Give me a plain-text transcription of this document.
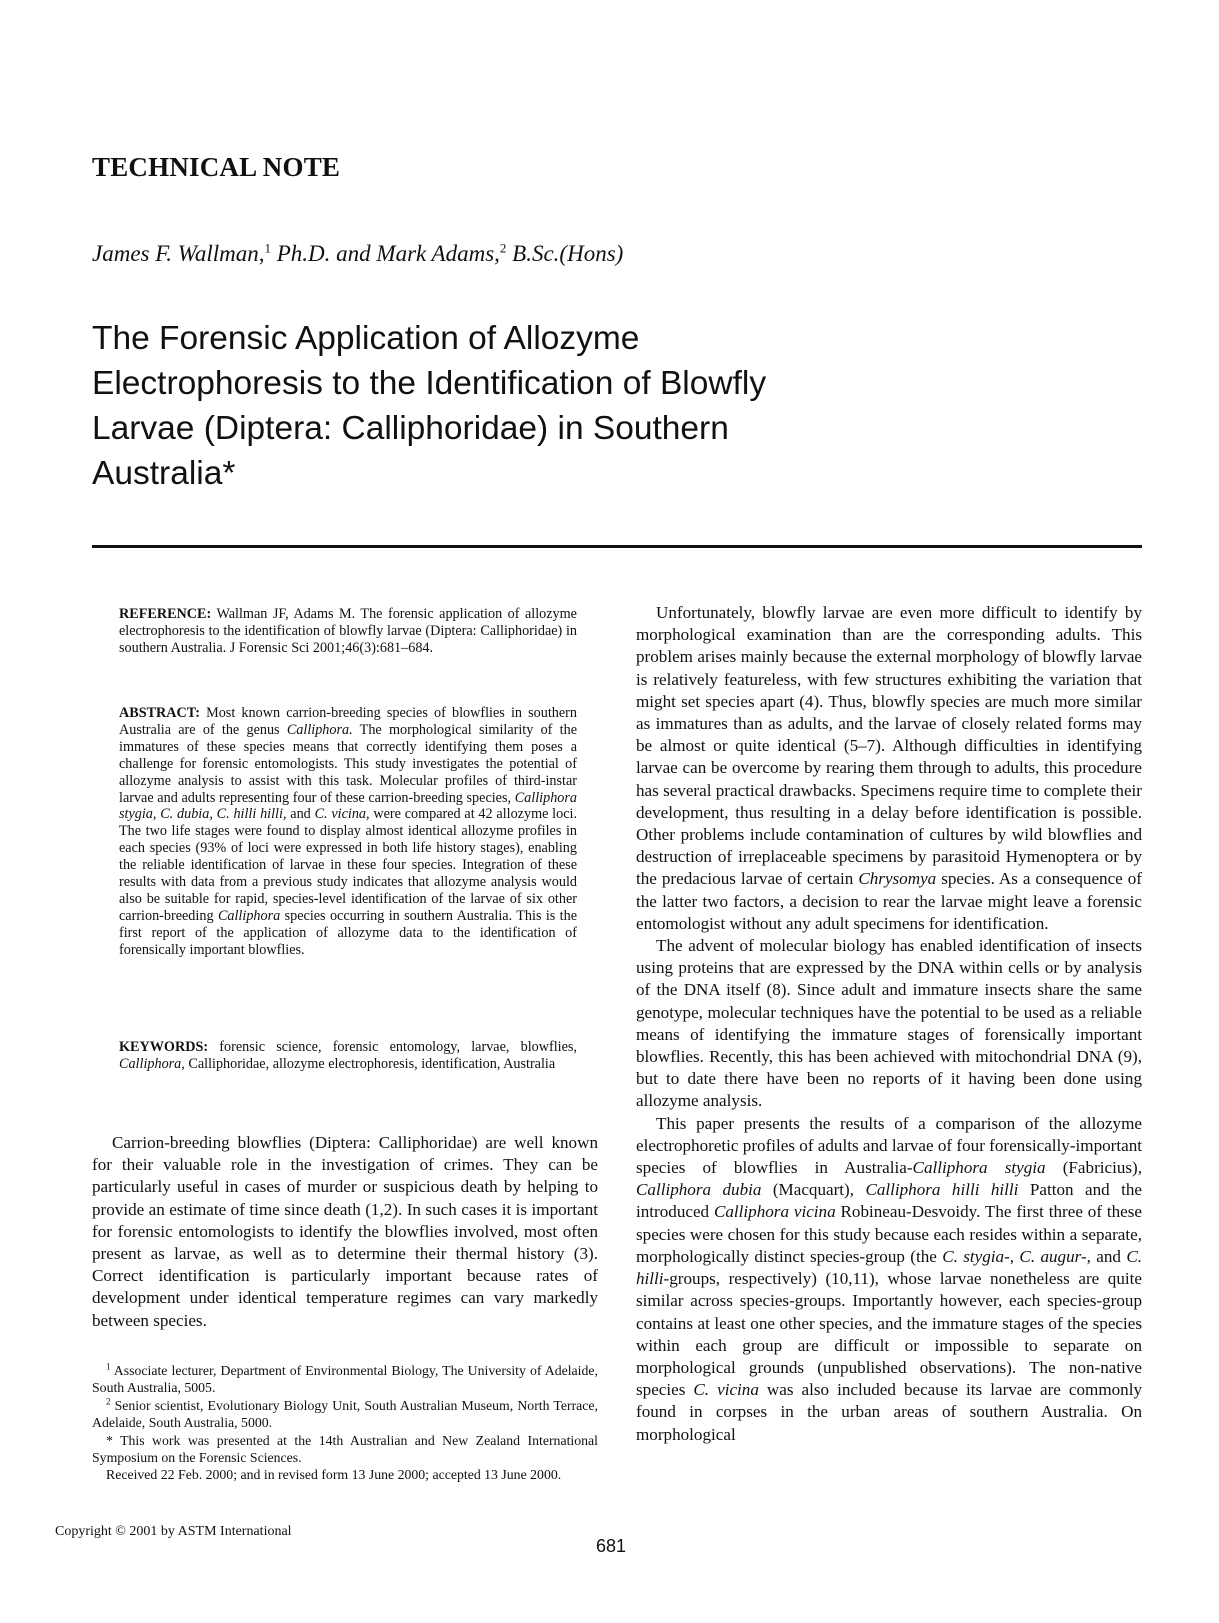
TECHNICAL NOTE
James F. Wallman,$^1$ Ph.D. and Mark Adams,$^2$ B.Sc.(Hons)
The Forensic Application of Allozyme
Electrophoresis to the Identification of Blowfly
Larvae (Diptera: Calliphoridae) in Southern
Australia*
REFERENCE: Wallman JF, Adams M. The forensic application of allozyme electrophoresis to the identification of blowfly larvae (Diptera: Calliphoridae) in southern Australia. J Forensic Sci 2001;46(3):681–684.
ABSTRACT: Most known carrion-breeding species of blowflies in southern Australia are of the genus Calliphora. The morphological similarity of the immatures of these species means that correctly identifying them poses a challenge for forensic entomologists. This study investigates the potential of allozyme analysis to assist with this task. Molecular profiles of third-instar larvae and adults representing four of these carrion-breeding species, Calliphora stygia, C. dubia, C. hilli hilli, and C. vicina, were compared at 42 allozyme loci. The two life stages were found to display almost identical allozyme profiles in each species (93% of loci were expressed in both life history stages), enabling the reliable identification of larvae in these four species. Integration of these results with data from a previous study indicates that allozyme analysis would also be suitable for rapid, species-level identification of the larvae of six other carrion-breeding Calliphora species occurring in southern Australia. This is the first report of the application of allozyme data to the identification of forensically important blowflies.
KEYWORDS: forensic science, forensic entomology, larvae, blowflies, Calliphora, Calliphoridae, allozyme electrophoresis, identification, Australia

Carrion-breeding blowflies (Diptera: Calliphoridae) are well known for their valuable role in the investigation of crimes. They can be particularly useful in cases of murder or suspicious death by helping to provide an estimate of time since death (1,2). In such cases it is important for forensic entomologists to identify the blowflies involved, most often present as larvae, as well as to determine their thermal history (3). Correct identification is particularly important because rates of development under identical temperature regimes can vary markedly between species.

$^1$ Associate lecturer, Department of Environmental Biology, The University of Adelaide, South Australia, 5005.

$^2$ Senior scientist, Evolutionary Biology Unit, South Australian Museum, North Terrace, Adelaide, South Australia, 5000.

* This work was presented at the 14th Australian and New Zealand International Symposium on the Forensic Sciences.

Received 22 Feb. 2000; and in revised form 13 June 2000; accepted 13 June 2000.

Unfortunately, blowfly larvae are even more difficult to identify by morphological examination than are the corresponding adults. This problem arises mainly because the external morphology of blowfly larvae is relatively featureless, with few structures exhibiting the variation that might set species apart (4). Thus, blowfly species are much more similar as immatures than as adults, and the larvae of closely related forms may be almost or quite identical (5–7). Although difficulties in identifying larvae can be overcome by rearing them through to adults, this procedure has several practical drawbacks. Specimens require time to complete their development, thus resulting in a delay before identification is possible. Other problems include contamination of cultures by wild blowflies and destruction of irreplaceable specimens by parasitoid Hymenoptera or by the predacious larvae of certain Chrysomya species. As a consequence of the latter two factors, a decision to rear the larvae might leave a forensic entomologist without any adult specimens for identification.

The advent of molecular biology has enabled identification of insects using proteins that are expressed by the DNA within cells or by analysis of the DNA itself (8). Since adult and immature insects share the same genotype, molecular techniques have the potential to be used as a reliable means of identifying the immature stages of forensically important blowflies. Recently, this has been achieved with mitochondrial DNA (9), but to date there have been no reports of it having been done using allozyme analysis.

This paper presents the results of a comparison of the allozyme electrophoretic profiles of adults and larvae of four forensically-important species of blowflies in Australia-Calliphora stygia (Fabricius), Calliphora dubia (Macquart), Calliphora hilli hilli Patton and the introduced Calliphora vicina Robineau-Desvoidy. The first three of these species were chosen for this study because each resides within a separate, morphologically distinct species-group (the C. stygia-, C. augur-, and C. hilli-groups, respectively) (10,11), whose larvae nonetheless are quite similar across species-groups. Importantly however, each species-group contains at least one other species, and the immature stages of the species within each group are difficult or impossible to separate on morphological grounds (unpublished observations). The non-native species C. vicina was also included because its larvae are commonly found in corpses in the urban areas of southern Australia. On morphological

Copyright © 2001 by ASTM International
681
